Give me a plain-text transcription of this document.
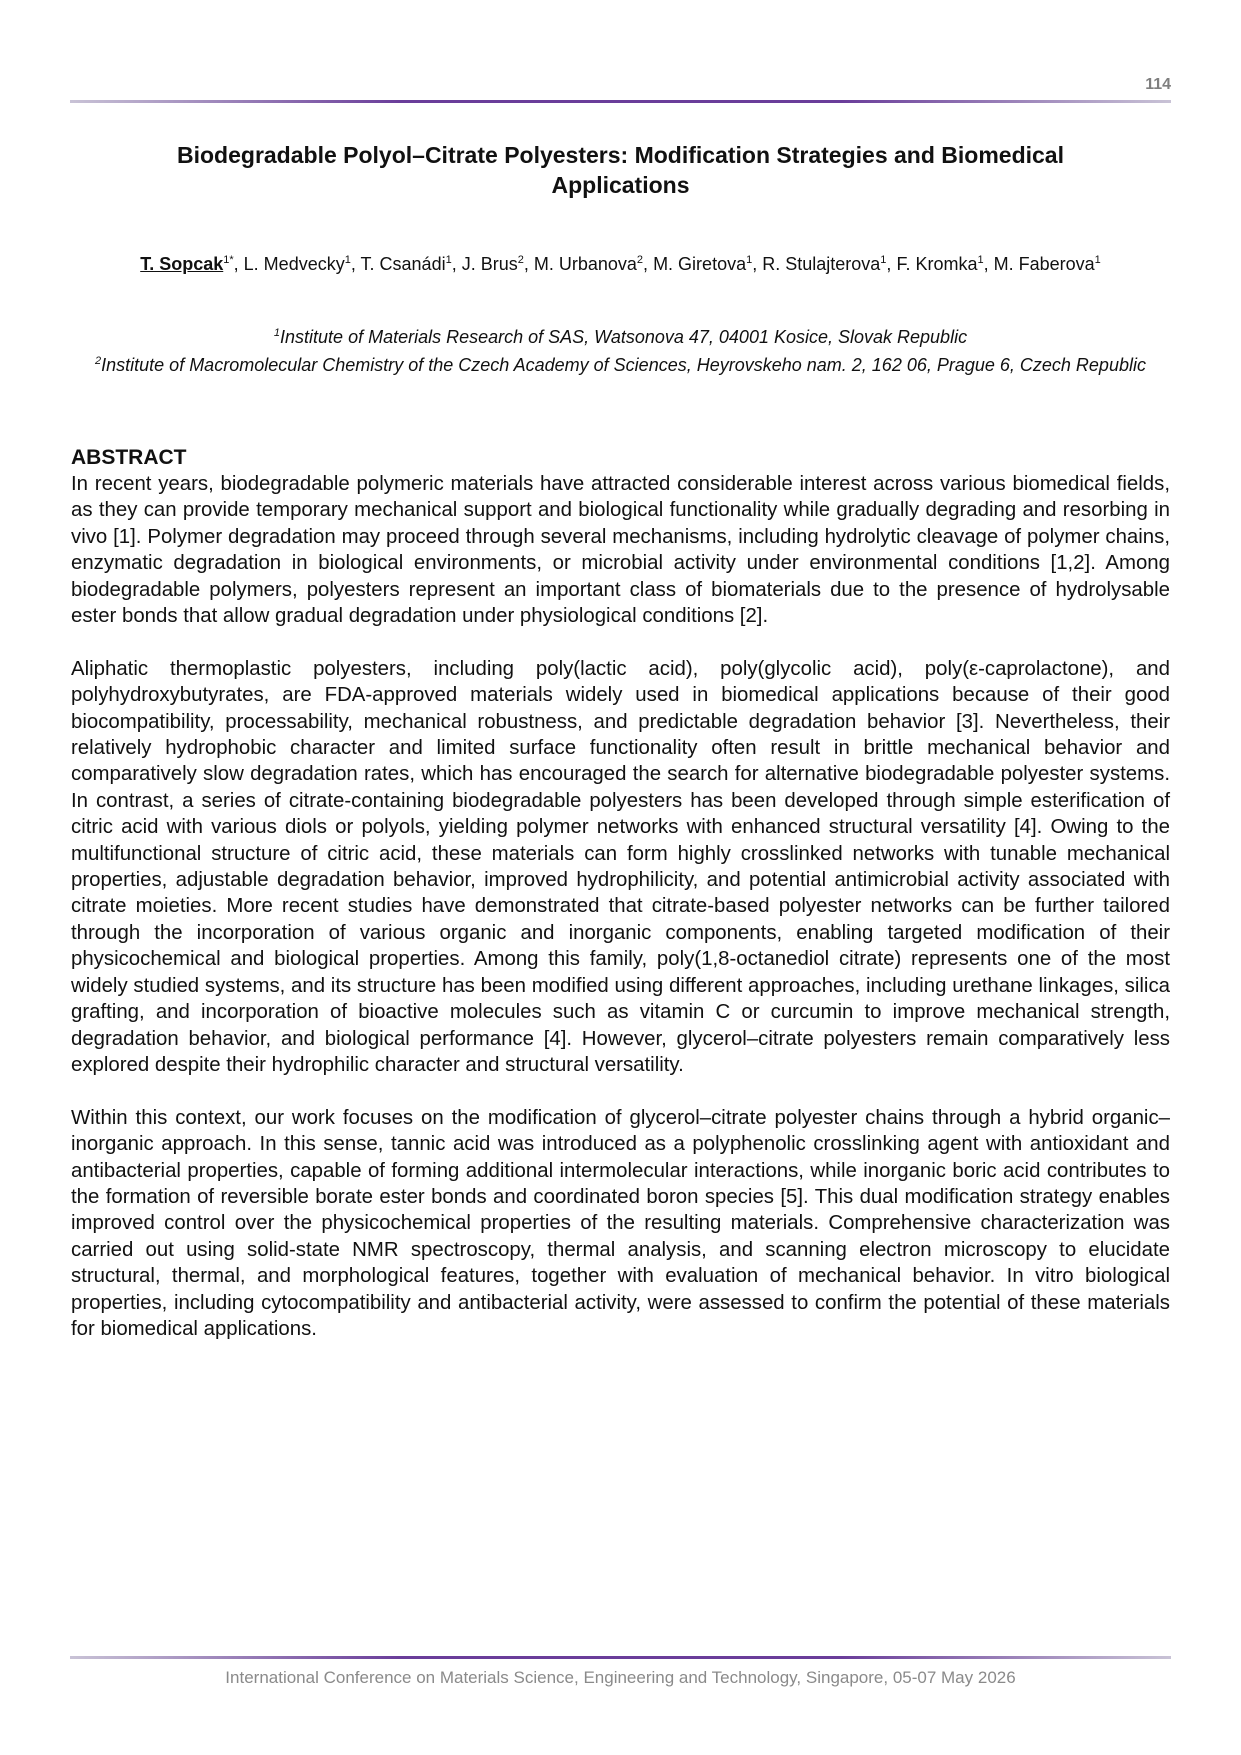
114
Biodegradable Polyol–Citrate Polyesters: Modification Strategies and Biomedical
Applications
T. Sopcak$^{1*}$, L. Medvecky$^1$, T. Csanádi$^1$, J. Brus$^2$, M. Urbanova$^2$, M. Giretova$^1$, R. Stulajterova$^1$, F. Kromka$^1$, M. Faberova$^1$
$^1$Institute of Materials Research of SAS, Watsonova 47, 04001 Kosice, Slovak Republic
$^2$Institute of Macromolecular Chemistry of the Czech Academy of Sciences, Heyrovskeho nam. 2, 162 06, Prague 6, Czech Republic

ABSTRACT

In recent years, biodegradable polymeric materials have attracted considerable interest across various biomedical fields, as they can provide temporary mechanical support and biological functionality while gradually degrading and resorbing in vivo [1]. Polymer degradation may proceed through several mechanisms, including hydrolytic cleavage of polymer chains, enzymatic degradation in biological environments, or microbial activity under environmental conditions [1,2]. Among biodegradable polymers, polyesters represent an important class of biomaterials due to the presence of hydrolysable ester bonds that allow gradual degradation under physiological conditions [2].

Aliphatic thermoplastic polyesters, including poly(lactic acid), poly(glycolic acid), poly(ε-caprolactone), and polyhydroxybutyrates, are FDA-approved materials widely used in biomedical applications because of their good biocompatibility, processability, mechanical robustness, and predictable degradation behavior [3]. Nevertheless, their relatively hydrophobic character and limited surface functionality often result in brittle mechanical behavior and comparatively slow degradation rates, which has encouraged the search for alternative biodegradable polyester systems. In contrast, a series of citrate-containing biodegradable polyesters has been developed through simple esterification of citric acid with various diols or polyols, yielding polymer networks with enhanced structural versatility [4]. Owing to the multifunctional structure of citric acid, these materials can form highly crosslinked networks with tunable mechanical properties, adjustable degradation behavior, improved hydrophilicity, and potential antimicrobial activity associated with citrate moieties. More recent studies have demonstrated that citrate-based polyester networks can be further tailored through the incorporation of various organic and inorganic components, enabling targeted modification of their physicochemical and biological properties. Among this family, poly(1,8-octanediol citrate) represents one of the most widely studied systems, and its structure has been modified using different approaches, including urethane linkages, silica grafting, and incorporation of bioactive molecules such as vitamin C or curcumin to improve mechanical strength, degradation behavior, and biological performance [4]. However, glycerol–citrate polyesters remain comparatively less explored despite their hydrophilic character and structural versatility.

Within this context, our work focuses on the modification of glycerol–citrate polyester chains through a hybrid organic–inorganic approach. In this sense, tannic acid was introduced as a polyphenolic crosslinking agent with antioxidant and antibacterial properties, capable of forming additional intermolecular interactions, while inorganic boric acid contributes to the formation of reversible borate ester bonds and coordinated boron species [5]. This dual modification strategy enables improved control over the physicochemical properties of the resulting materials. Comprehensive characterization was carried out using solid-state NMR spectroscopy, thermal analysis, and scanning electron microscopy to elucidate structural, thermal, and morphological features, together with evaluation of mechanical behavior. In vitro biological properties, including cytocompatibility and antibacterial activity, were assessed to confirm the potential of these materials for biomedical applications.

International Conference on Materials Science, Engineering and Technology, Singapore, 05-07 May 2026
